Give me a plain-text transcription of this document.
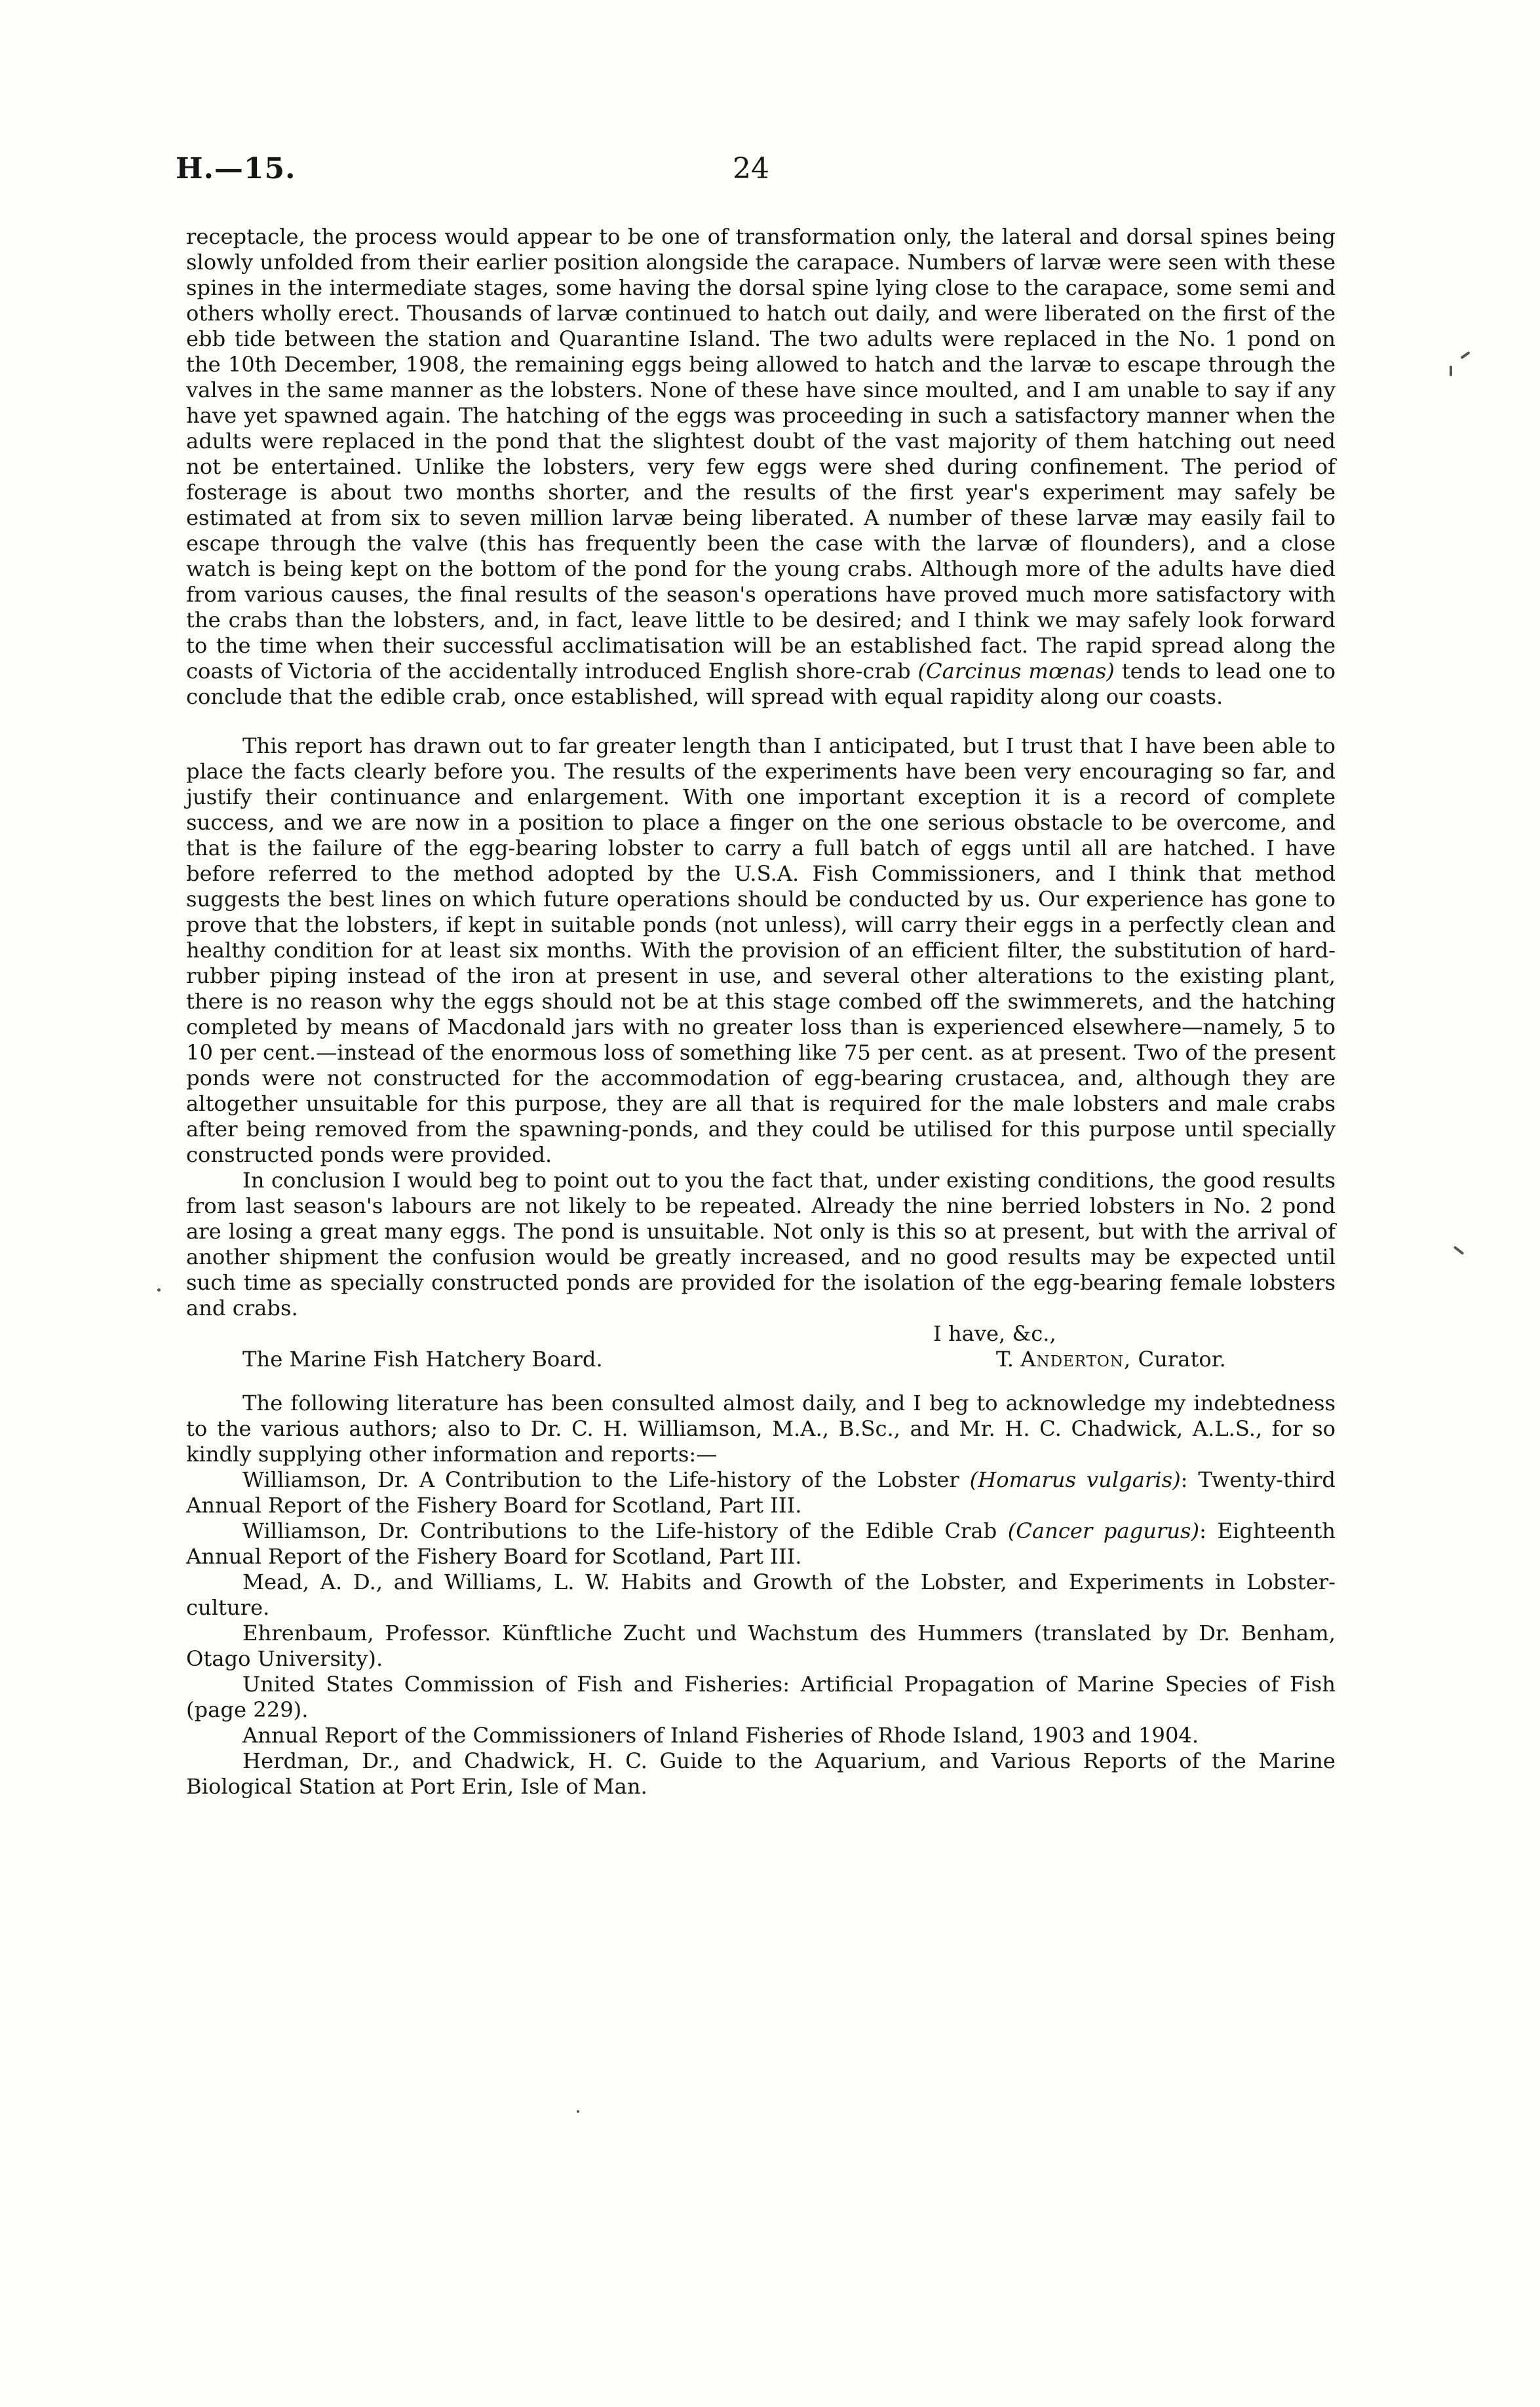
H.—15.	24

receptacle, the process would appear to be one of transformation only, the lateral and dorsal spines being slowly unfolded from their earlier position alongside the carapace. Numbers of larvæ were seen with these spines in the intermediate stages, some having the dorsal spine lying close to the carapace, some semi and others wholly erect. Thousands of larvæ continued to hatch out daily, and were liberated on the first of the ebb tide between the station and Quarantine Island. The two adults were replaced in the No. 1 pond on the 10th December, 1908, the remaining eggs being allowed to hatch and the larvæ to escape through the valves in the same manner as the lobsters. None of these have since moulted, and I am unable to say if any have yet spawned again. The hatching of the eggs was proceeding in such a satisfactory manner when the adults were replaced in the pond that the slightest doubt of the vast majority of them hatching out need not be entertained. Unlike the lobsters, very few eggs were shed during confinement. The period of fosterage is about two months shorter, and the results of the first year's experiment may safely be estimated at from six to seven million larvæ being liberated. A number of these larvæ may easily fail to escape through the valve (this has frequently been the case with the larvæ of flounders), and a close watch is being kept on the bottom of the pond for the young crabs. Although more of the adults have died from various causes, the final results of the season's operations have proved much more satisfactory with the crabs than the lobsters, and, in fact, leave little to be desired; and I think we may safely look forward to the time when their successful acclimatisation will be an established fact. The rapid spread along the coasts of Victoria of the accidentally introduced English shore-crab (Carcinus mœnas) tends to lead one to conclude that the edible crab, once established, will spread with equal rapidity along our coasts.

This report has drawn out to far greater length than I anticipated, but I trust that I have been able to place the facts clearly before you. The results of the experiments have been very encouraging so far, and justify their continuance and enlargement. With one important exception it is a record of complete success, and we are now in a position to place a finger on the one serious obstacle to be overcome, and that is the failure of the egg-bearing lobster to carry a full batch of eggs until all are hatched. I have before referred to the method adopted by the U.S.A. Fish Commissioners, and I think that method suggests the best lines on which future operations should be conducted by us. Our experience has gone to prove that the lobsters, if kept in suitable ponds (not unless), will carry their eggs in a perfectly clean and healthy condition for at least six months. With the provision of an efficient filter, the substitution of hard-rubber piping instead of the iron at present in use, and several other alterations to the existing plant, there is no reason why the eggs should not be at this stage combed off the swimmerets, and the hatching completed by means of Macdonald jars with no greater loss than is experienced elsewhere—namely, 5 to 10 per cent.—instead of the enormous loss of something like 75 per cent. as at present. Two of the present ponds were not constructed for the accommodation of egg-bearing crustacea, and, although they are altogether unsuitable for this purpose, they are all that is required for the male lobsters and male crabs after being removed from the spawning-ponds, and they could be utilised for this purpose until specially constructed ponds were provided.

In conclusion I would beg to point out to you the fact that, under existing conditions, the good results from last season's labours are not likely to be repeated. Already the nine berried lobsters in No. 2 pond are losing a great many eggs. The pond is unsuitable. Not only is this so at present, but with the arrival of another shipment the confusion would be greatly increased, and no good results may be expected until such time as specially constructed ponds are provided for the isolation of the egg-bearing female lobsters and crabs.

I have, &c.,

The Marine Fish Hatchery Board.	T. Anderton, Curator.

The following literature has been consulted almost daily, and I beg to acknowledge my indebtedness to the various authors; also to Dr. C. H. Williamson, M.A., B.Sc., and Mr. H. C. Chadwick, A.L.S., for so kindly supplying other information and reports:—

Williamson, Dr. A Contribution to the Life-history of the Lobster (Homarus vulgaris): Twenty-third Annual Report of the Fishery Board for Scotland, Part III.

Williamson, Dr. Contributions to the Life-history of the Edible Crab (Cancer pagurus): Eighteenth Annual Report of the Fishery Board for Scotland, Part III.

Mead, A. D., and Williams, L. W. Habits and Growth of the Lobster, and Experiments in Lobster-culture.

Ehrenbaum, Professor. Künftliche Zucht und Wachstum des Hummers (translated by Dr. Benham, Otago University).

United States Commission of Fish and Fisheries: Artificial Propagation of Marine Species of Fish (page 229).

Annual Report of the Commissioners of Inland Fisheries of Rhode Island, 1903 and 1904.

Herdman, Dr., and Chadwick, H. C. Guide to the Aquarium, and Various Reports of the Marine Biological Station at Port Erin, Isle of Man.
